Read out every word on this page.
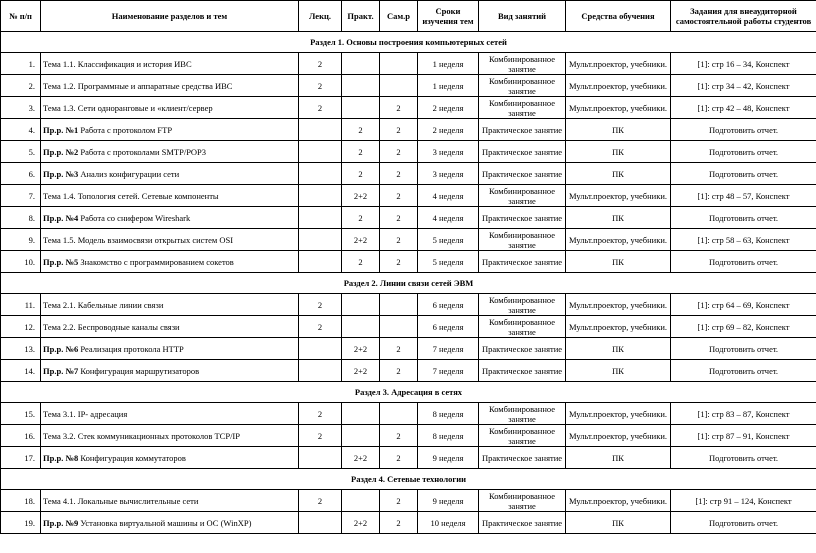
№ п/п	Наименование разделов и тем	Лекц.	Практ.	Сам.р	Сроки изучения тем	Вид занятий	Средства обучения	Задания для внеаудиторной самостоятельной работы студентов
Раздел 1. Основы построения компьютерных сетей								
1.	Тема 1.1. Классификация и история ИВС	2			1 неделя	Комбинированное занятие	Мульт.проектор, учебники.	[1]: стр 16 – 34, Конспект
2.	Тема 1.2. Программные и аппаратные средства ИВС	2			1 неделя	Комбинированное занятие	Мульт.проектор, учебники.	[1]: стр 34 – 42, Конспект
3.	Тема 1.3. Сети одноранговые и «клиент/сервер	2		2	2 неделя	Комбинированное занятие	Мульт.проектор, учебники.	[1]: стр 42 – 48, Конспект
4.	Пр.р. №1 Работа с протоколом FTP		2	2	2 неделя	Практическое занятие	ПК	Подготовить отчет.
5.	Пр.р. №2 Работа с протоколами SMTP/POP3		2	2	3 неделя	Практическое занятие	ПК	Подготовить отчет.
6.	Пр.р. №3 Анализ конфигурации сети		2	2	3 неделя	Практическое занятие	ПК	Подготовить отчет.
7.	Тема 1.4. Топология сетей. Сетевые компоненты		2+2	2	4 неделя	Комбинированное занятие	Мульт.проектор, учебники.	[1]: стр 48 – 57, Конспект
8.	Пр.р. №4 Работа со снифером Wireshark		2	2	4 неделя	Практическое занятие	ПК	Подготовить отчет.
9.	Тема 1.5. Модель взаимосвязи открытых систем OSI		2+2	2	5 неделя	Комбинированное занятие	Мульт.проектор, учебники.	[1]: стр 58 – 63, Конспект
10.	Пр.р. №5 Знакомство с программированием сокетов		2	2	5 неделя	Практическое занятие	ПК	Подготовить отчет.
Раздел 2. Линии связи сетей ЭВМ								
11.	Тема 2.1. Кабельные линии связи	2			6 неделя	Комбинированное занятие	Мульт.проектор, учебники.	[1]: стр 64 – 69, Конспект
12.	Тема 2.2. Беспроводные каналы связи	2			6 неделя	Комбинированное занятие	Мульт.проектор, учебники.	[1]: стр 69 – 82, Конспект
13.	Пр.р. №6 Реализация протокола HTTP		2+2	2	7 неделя	Практическое занятие	ПК	Подготовить отчет.
14.	Пр.р. №7 Конфигурация маршрутизаторов		2+2	2	7 неделя	Практическое занятие	ПК	Подготовить отчет.
Раздел 3. Адресация в сетях								
15.	Тема 3.1. IP- адресация	2			8 неделя	Комбинированное занятие	Мульт.проектор, учебники.	[1]: стр 83 – 87, Конспект
16.	Тема 3.2. Стек коммуникационных протоколов TCP/IP	2		2	8 неделя	Комбинированное занятие	Мульт.проектор, учебники.	[1]: стр 87 – 91, Конспект
17.	Пр.р. №8 Конфигурация коммутаторов		2+2	2	9 неделя	Практическое занятие	ПК	Подготовить отчет.
Раздел 4. Сетевые технологии								
18.	Тема 4.1. Локальные вычислительные сети	2		2	9 неделя	Комбинированное занятие	Мульт.проектор, учебники.	[1]: стр 91 – 124, Конспект
19.	Пр.р. №9 Установка виртуальной машины и ОС (WinXP)		2+2	2	10 неделя	Практическое занятие	ПК	Подготовить отчет.
